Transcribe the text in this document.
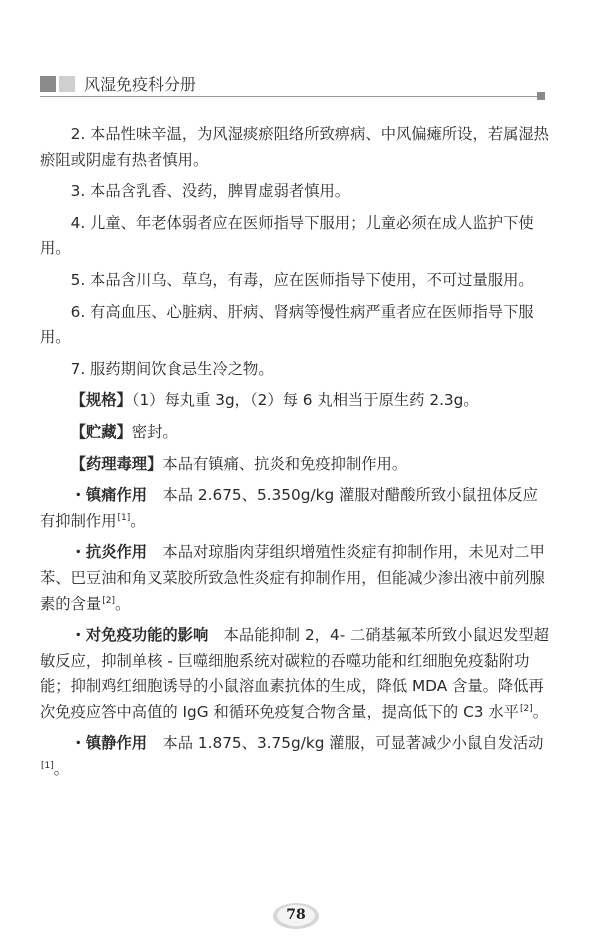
风湿免疫科分册

2. 本品性味辛温，为风湿痰瘀阻络所致痹病、中风偏瘫所设，若属湿热瘀阻或阴虚有热者慎用。

3. 本品含乳香、没药，脾胃虚弱者慎用。

4. 儿童、年老体弱者应在医师指导下服用；儿童必须在成人监护下使用。

5. 本品含川乌、草乌，有毒，应在医师指导下使用，不可过量服用。

6. 有高血压、心脏病、肝病、肾病等慢性病严重者应在医师指导下服用。

7. 服药期间饮食忌生冷之物。

【规格】（1）每丸重 3g，（2）每 6 丸相当于原生药 2.3g。

【贮藏】密封。

【药理毒理】本品有镇痛、抗炎和免疫抑制作用。

・镇痛作用　 本品 2.675、5.350g/kg 灌服对醋酸所致小鼠扭体反应有抑制作用[1]。

・抗炎作用　 本品对琼脂肉芽组织增殖性炎症有抑制作用，未见对二甲苯、巴豆油和角叉菜胶所致急性炎症有抑制作用，但能减少渗出液中前列腺素的含量[2]。

・对免疫功能的影响　 本品能抑制 2，4- 二硝基氟苯所致小鼠迟发型超敏反应，抑制单核 - 巨噬细胞系统对碳粒的吞噬功能和红细胞免疫黏附功能；抑制鸡红细胞诱导的小鼠溶血素抗体的生成，降低 MDA 含量。降低再次免疫应答中高值的 IgG 和循环免疫复合物含量，提高低下的 C3 水平[2]。

・镇静作用　 本品 1.875、3.75g/kg 灌服，可显著减少小鼠自发活动[1]。

78
